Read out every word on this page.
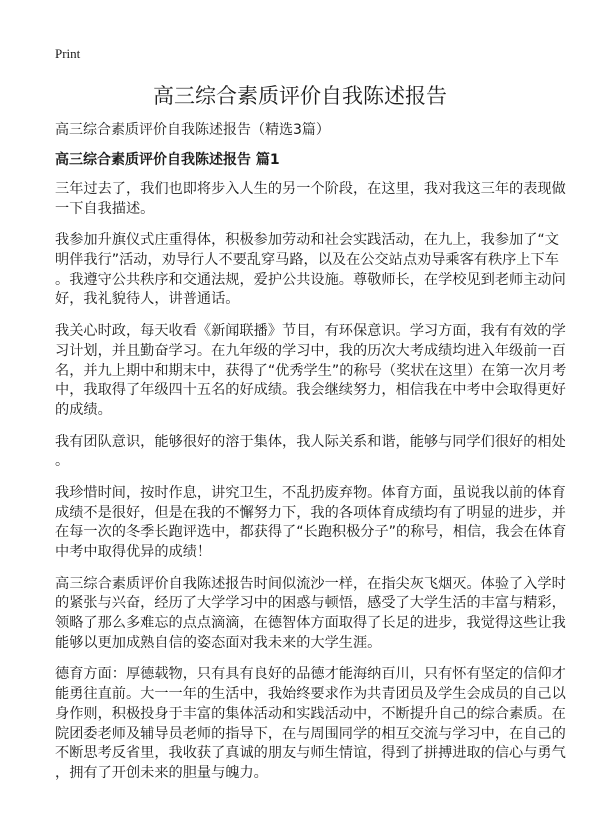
Print
高三综合素质评价自我陈述报告
高三综合素质评价自我陈述报告（精选3篇）
高三综合素质评价自我陈述报告 篇1
三年过去了，我们也即将步入人生的另一个阶段，在这里，我对我这三年的表现做
一下自我描述。
我参加升旗仪式庄重得体，积极参加劳动和社会实践活动，在九上，我参加了“文
明伴我行”活动，劝导行人不要乱穿马路，以及在公交站点劝导乘客有秩序上下车
。我遵守公共秩序和交通法规，爱护公共设施。尊敬师长，在学校见到老师主动问
好，我礼貌待人，讲普通话。
我关心时政，每天收看《新闻联播》节目，有环保意识。学习方面，我有有效的学
习计划，并且勤奋学习。在九年级的学习中，我的历次大考成绩均进入年级前一百
名，并九上期中和期末中，获得了“优秀学生”的称号（奖状在这里）在第一次月考
中，我取得了年级四十五名的好成绩。我会继续努力，相信我在中考中会取得更好
的成绩。
我有团队意识，能够很好的溶于集体，我人际关系和谐，能够与同学们很好的相处
。
我珍惜时间，按时作息，讲究卫生，不乱扔废弃物。体育方面，虽说我以前的体育
成绩不是很好，但是在我的不懈努力下，我的各项体育成绩均有了明显的进步，并
在每一次的冬季长跑评选中，都获得了“长跑积极分子”的称号，相信，我会在体育
中考中取得优异的成绩！
高三综合素质评价自我陈述报告时间似流沙一样，在指尖灰飞烟灭。体验了入学时
的紧张与兴奋，经历了大学学习中的困惑与顿悟，感受了大学生活的丰富与精彩，
领略了那么多难忘的点点滴滴，在德智体方面取得了长足的进步，我觉得这些让我
能够以更加成熟自信的姿态面对我未来的大学生涯。
德育方面：厚德载物，只有具有良好的品德才能海纳百川，只有怀有坚定的信仰才
能勇往直前。大一一年的生活中，我始终要求作为共青团员及学生会成员的自己以
身作则，积极投身于丰富的集体活动和实践活动中，不断提升自己的综合素质。在
院团委老师及辅导员老师的指导下，在与周围同学的相互交流与学习中，在自己的
不断思考反省里，我收获了真诚的朋友与师生情谊，得到了拼搏进取的信心与勇气
，拥有了开创未来的胆量与魄力。
